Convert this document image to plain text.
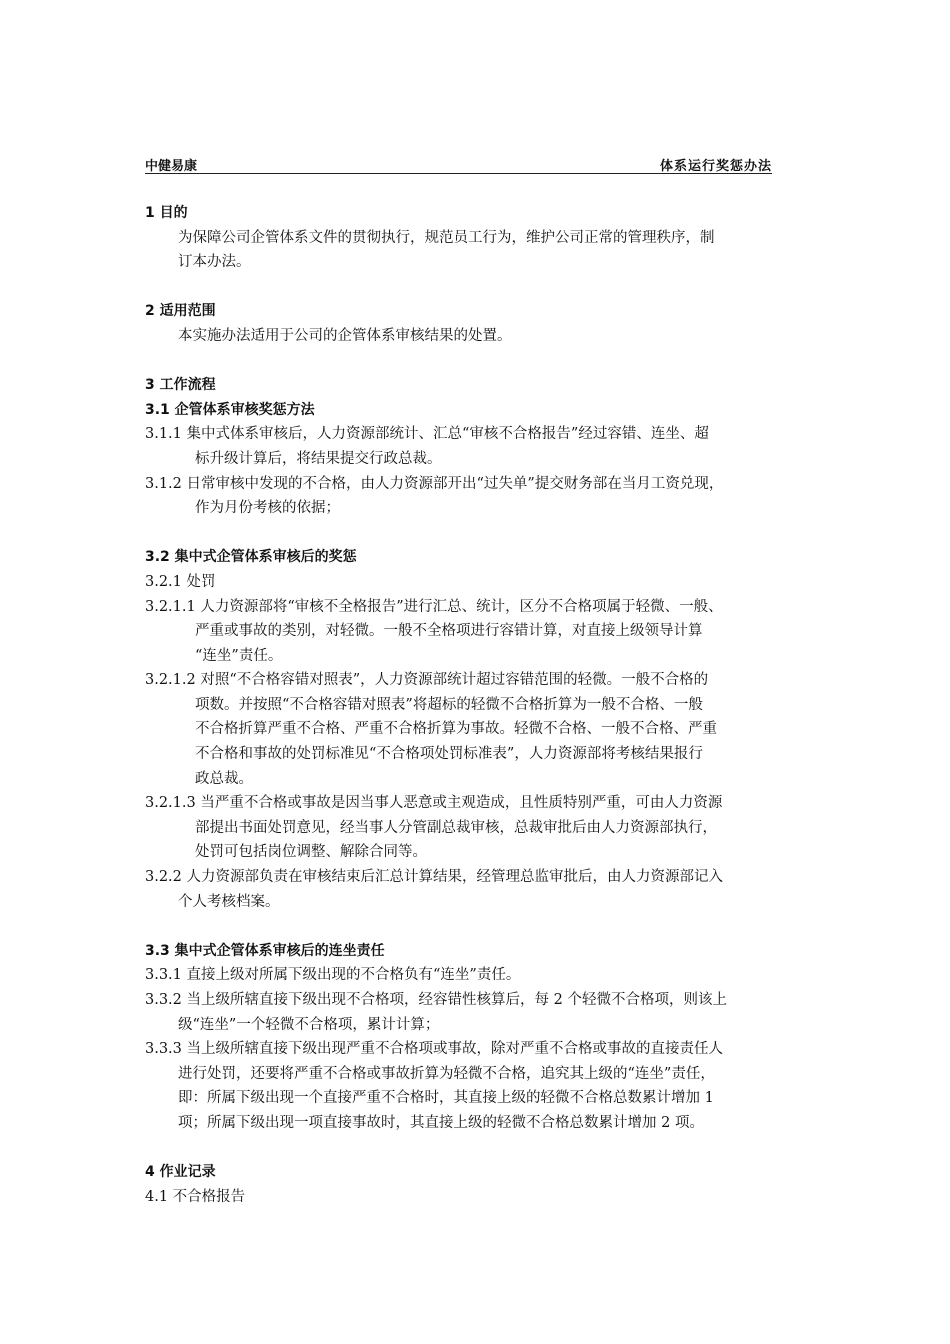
中健易康	体系运行奖惩办法
1 目的
为保障公司企管体系文件的贯彻执行，规范员工行为，维护公司正常的管理秩序，制
订本办法。
2 适用范围
本实施办法适用于公司的企管体系审核结果的处置。
3 工作流程
3.1 企管体系审核奖惩方法
3.1.1 集中式体系审核后，人力资源部统计、汇总“审核不合格报告”经过容错、连坐、超
标升级计算后，将结果提交行政总裁。
3.1.2 日常审核中发现的不合格，由人力资源部开出“过失单”提交财务部在当月工资兑现，
作为月份考核的依据；
3.2 集中式企管体系审核后的奖惩
3.2.1 处罚
3.2.1.1 人力资源部将“审核不全格报告”进行汇总、统计，区分不合格项属于轻微、一般、
严重或事故的类别，对轻微。一般不全格项进行容错计算，对直接上级领导计算
“连坐”责任。
3.2.1.2 对照“不合格容错对照表”，人力资源部统计超过容错范围的轻微。一般不合格的
项数。并按照“不合格容错对照表”将超标的轻微不合格折算为一般不合格、一般
不合格折算严重不合格、严重不合格折算为事故。轻微不合格、一般不合格、严重
不合格和事故的处罚标准见“不合格项处罚标准表”，人力资源部将考核结果报行
政总裁。
3.2.1.3 当严重不合格或事故是因当事人恶意或主观造成，且性质特别严重，可由人力资源
部提出书面处罚意见，经当事人分管副总裁审核，总裁审批后由人力资源部执行，
处罚可包括岗位调整、解除合同等。
3.2.2 人力资源部负责在审核结束后汇总计算结果，经管理总监审批后，由人力资源部记入
个人考核档案。
3.3 集中式企管体系审核后的连坐责任
3.3.1 直接上级对所属下级出现的不合格负有“连坐”责任。
3.3.2 当上级所辖直接下级出现不合格项，经容错性核算后，每 2 个轻微不合格项，则该上
级“连坐”一个轻微不合格项，累计计算；
3.3.3 当上级所辖直接下级出现严重不合格项或事故，除对严重不合格或事故的直接责任人
进行处罚，还要将严重不合格或事故折算为轻微不合格，追究其上级的“连坐”责任，
即：所属下级出现一个直接严重不合格时，其直接上级的轻微不合格总数累计增加 1
项；所属下级出现一项直接事故时，其直接上级的轻微不合格总数累计增加 2 项。
4 作业记录
4.1 不合格报告
